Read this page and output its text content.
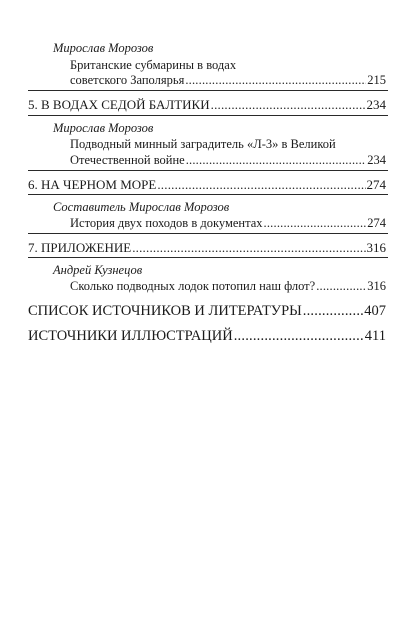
Мирослав Морозов
Британские субмарины в водах
советского Заполярья .....	215
5. В ВОДАХ СЕДОЙ БАЛТИКИ .....	234
Мирослав Морозов
Подводный минный заградитель «Л-3» в Великой
Отечественной войне .....	234
6. НА ЧЕРНОМ МОРЕ .....	274
Составитель Мирослав Морозов
История двух походов в документах .....	274
7. ПРИЛОЖЕНИЕ .....	316
Андрей Кузнецов
Сколько подводных лодок потопил наш флот? .....	316
СПИСОК ИСТОЧНИКОВ И ЛИТЕРАТУРЫ .....	407
ИСТОЧНИКИ ИЛЛЮСТРАЦИЙ .....	411
